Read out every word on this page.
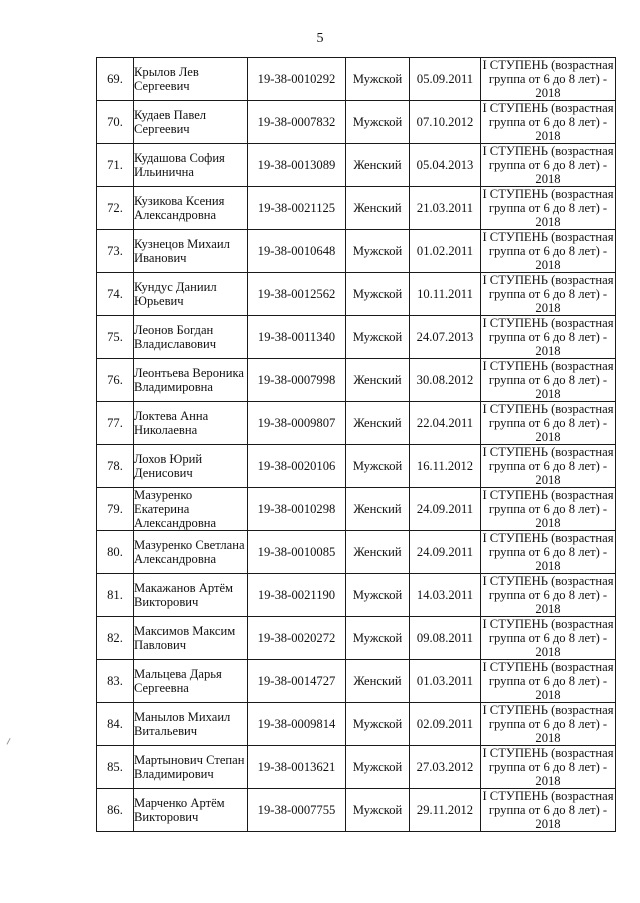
5
69.	Крылов Лев Сергеевич	19-38-0010292	Мужской	05.09.2011	I СТУПЕНЬ (возрастная группа от 6 до 8 лет) - 2018
70.	Кудаев Павел Сергеевич	19-38-0007832	Мужской	07.10.2012	I СТУПЕНЬ (возрастная группа от 6 до 8 лет) - 2018
71.	Кудашова София Ильинична	19-38-0013089	Женский	05.04.2013	I СТУПЕНЬ (возрастная группа от 6 до 8 лет) - 2018
72.	Кузикова Ксения Александровна	19-38-0021125	Женский	21.03.2011	I СТУПЕНЬ (возрастная группа от 6 до 8 лет) - 2018
73.	Кузнецов Михаил Иванович	19-38-0010648	Мужской	01.02.2011	I СТУПЕНЬ (возрастная группа от 6 до 8 лет) - 2018
74.	Кундус Даниил Юрьевич	19-38-0012562	Мужской	10.11.2011	I СТУПЕНЬ (возрастная группа от 6 до 8 лет) - 2018
75.	Леонов Богдан Владиславович	19-38-0011340	Мужской	24.07.2013	I СТУПЕНЬ (возрастная группа от 6 до 8 лет) - 2018
76.	Леонтьева Вероника Владимировна	19-38-0007998	Женский	30.08.2012	I СТУПЕНЬ (возрастная группа от 6 до 8 лет) - 2018
77.	Локтева Анна Николаевна	19-38-0009807	Женский	22.04.2011	I СТУПЕНЬ (возрастная группа от 6 до 8 лет) - 2018
78.	Лохов Юрий Денисович	19-38-0020106	Мужской	16.11.2012	I СТУПЕНЬ (возрастная группа от 6 до 8 лет) - 2018
79.	Мазуренко Екатерина Александровна	19-38-0010298	Женский	24.09.2011	I СТУПЕНЬ (возрастная группа от 6 до 8 лет) - 2018
80.	Мазуренко Светлана Александровна	19-38-0010085	Женский	24.09.2011	I СТУПЕНЬ (возрастная группа от 6 до 8 лет) - 2018
81.	Макажанов Артём Викторович	19-38-0021190	Мужской	14.03.2011	I СТУПЕНЬ (возрастная группа от 6 до 8 лет) - 2018
82.	Максимов Максим Павлович	19-38-0020272	Мужской	09.08.2011	I СТУПЕНЬ (возрастная группа от 6 до 8 лет) - 2018
83.	Мальцева Дарья Сергеевна	19-38-0014727	Женский	01.03.2011	I СТУПЕНЬ (возрастная группа от 6 до 8 лет) - 2018
84.	Манылов Михаил Витальевич	19-38-0009814	Мужской	02.09.2011	I СТУПЕНЬ (возрастная группа от 6 до 8 лет) - 2018
85.	Мартынович Степан Владимирович	19-38-0013621	Мужской	27.03.2012	I СТУПЕНЬ (возрастная группа от 6 до 8 лет) - 2018
86.	Марченко Артём Викторович	19-38-0007755	Мужской	29.11.2012	I СТУПЕНЬ (возрастная группа от 6 до 8 лет) - 2018
